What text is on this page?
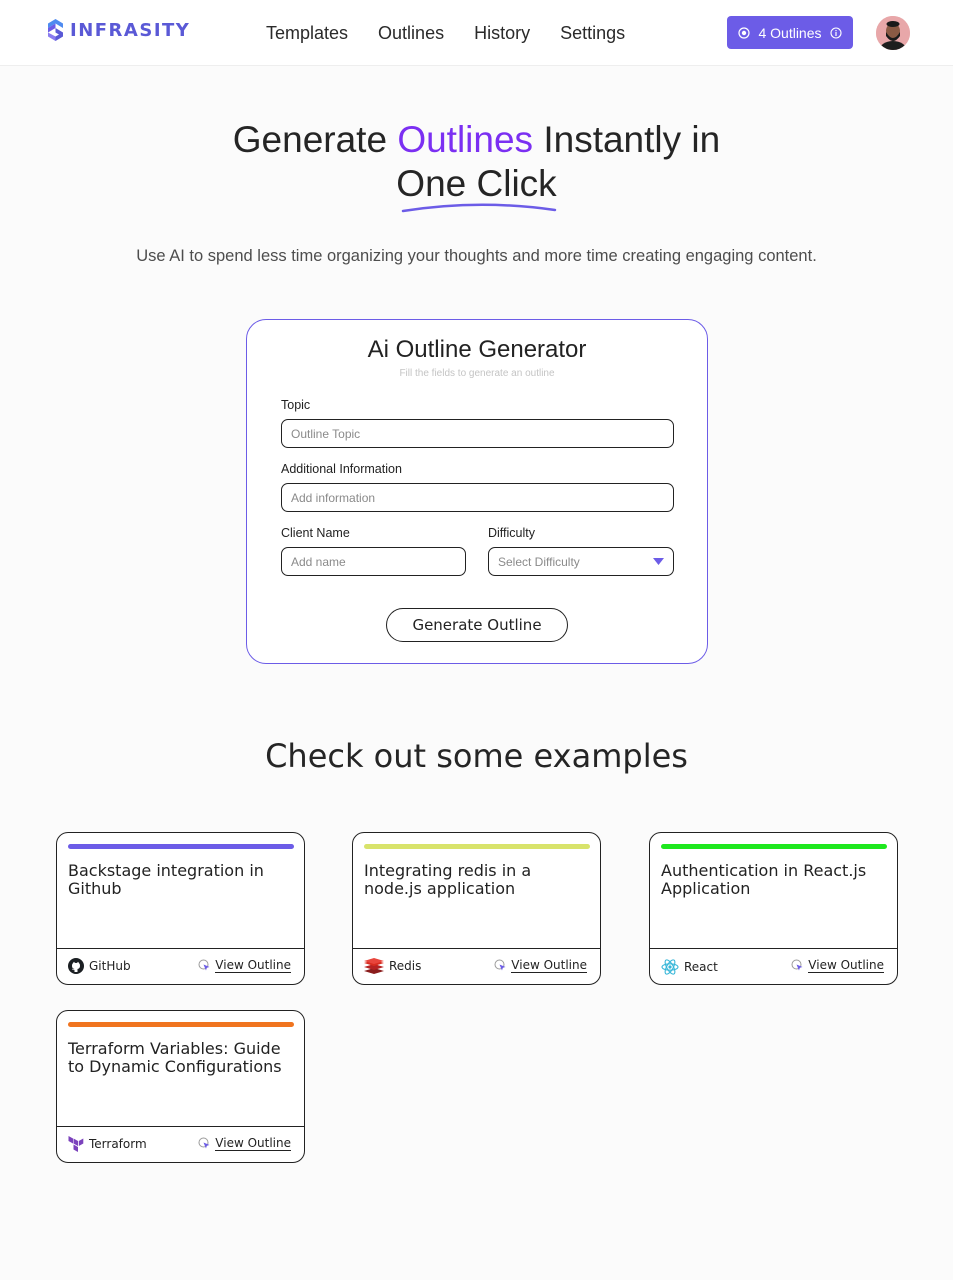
INFRASITY	Templates Outlines History Settings	4 Outlines
Generate Outlines Instantly in
One Click
Use AI to spend less time organizing your thoughts and more time creating engaging content.
Ai Outline Generator
Fill the fields to generate an outline
Topic
Outline Topic
Additional Information
Add information
Client Name
Add name	Difficulty
Select Difficulty
Generate Outline
Check out some examples
Backstage integration in Github
GitHub	View Outline
Integrating redis in a node.js application
Redis	View Outline
Authentication in React.js Application
React	View Outline
Terraform Variables: Guide to Dynamic Configurations
Terraform	View Outline
